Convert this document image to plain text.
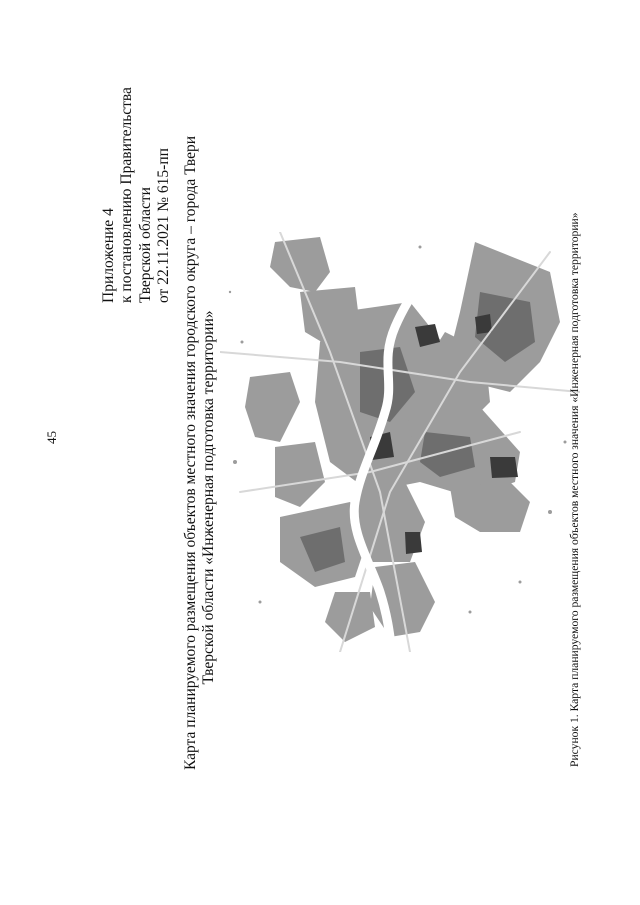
45
Приложение 4 к постановлению Правительства Тверской области от 22.11.2021 № 615-пп Карта планируемого размещения объектов местного значения городского округа – города Твери Тверской области «Инженерная подготовка территории»	Рисунок 1. Карта планируемого размещения объектов местного значения «Инженерная подготовка территории»
